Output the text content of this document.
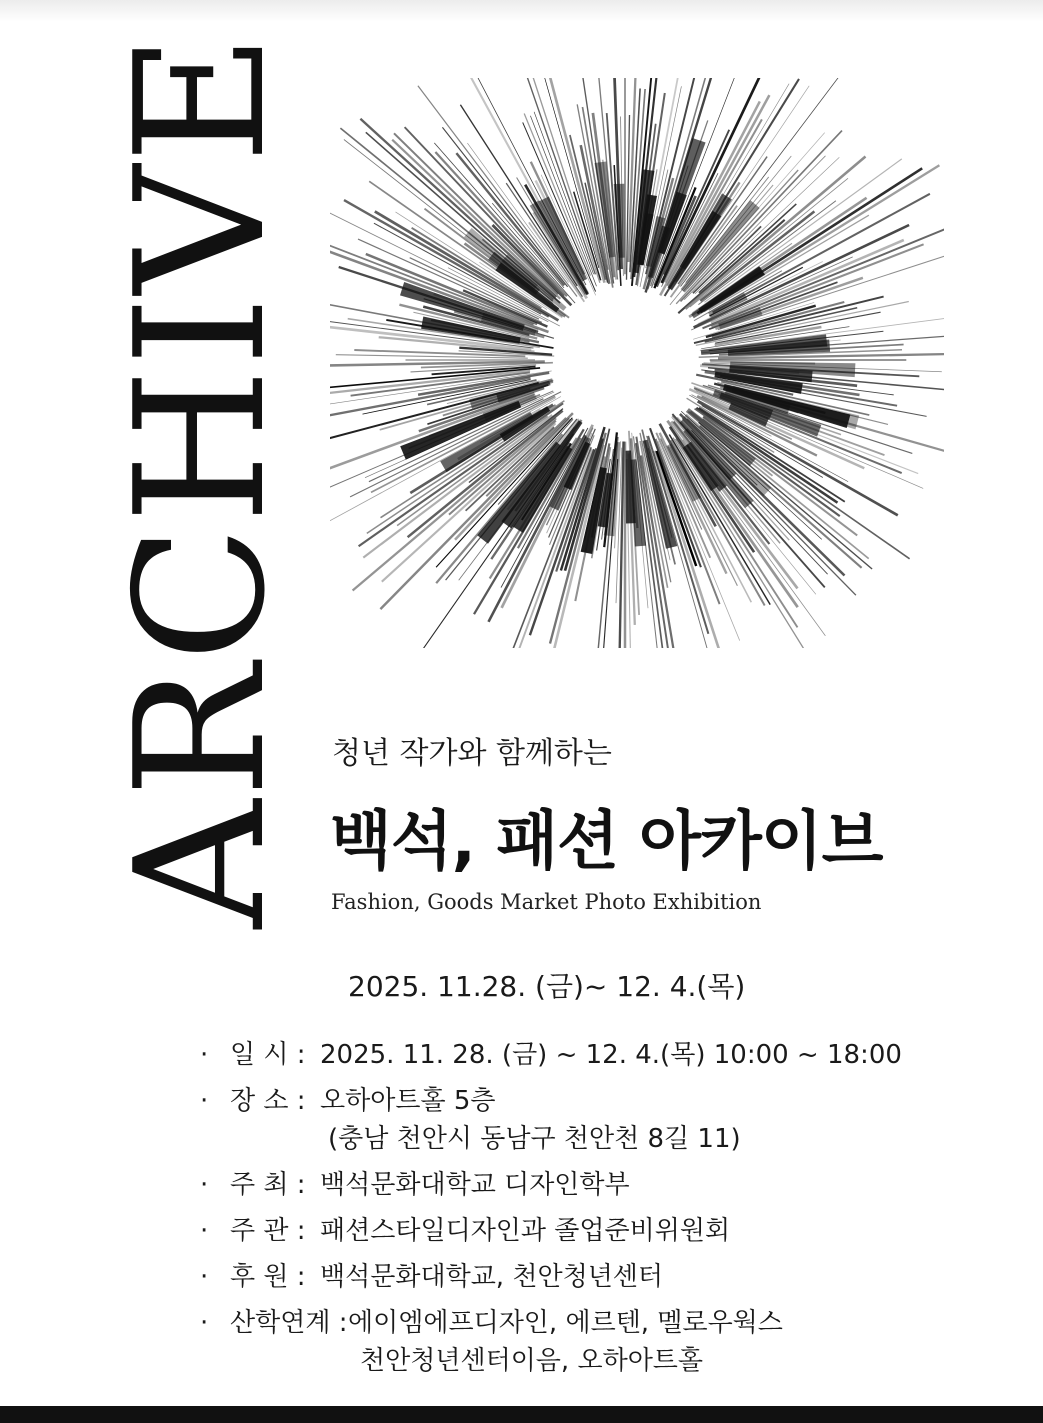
ARCHIVE 청년 작가와 함께하는
백석, 패션 아카이브
Fashion, Goods Market Photo Exhibition
2025. 11.28. (금)~ 12. 4.(목)
· 일 시 : 2025. 11. 28. (금) ~ 12. 4.(목) 10:00 ~ 18:00
· 장 소 : 오하아트홀 5층
(충남 천안시 동남구 천안천 8길 11)
· 주 최 : 백석문화대학교 디자인학부
· 주 관 : 패션스타일디자인과 졸업준비위원회
· 후 원 : 백석문화대학교, 천안청년센터
· 산학연계 : 에이엠에프디자인, 에르텐, 멜로우웍스
천안청년센터이음, 오하아트홀
